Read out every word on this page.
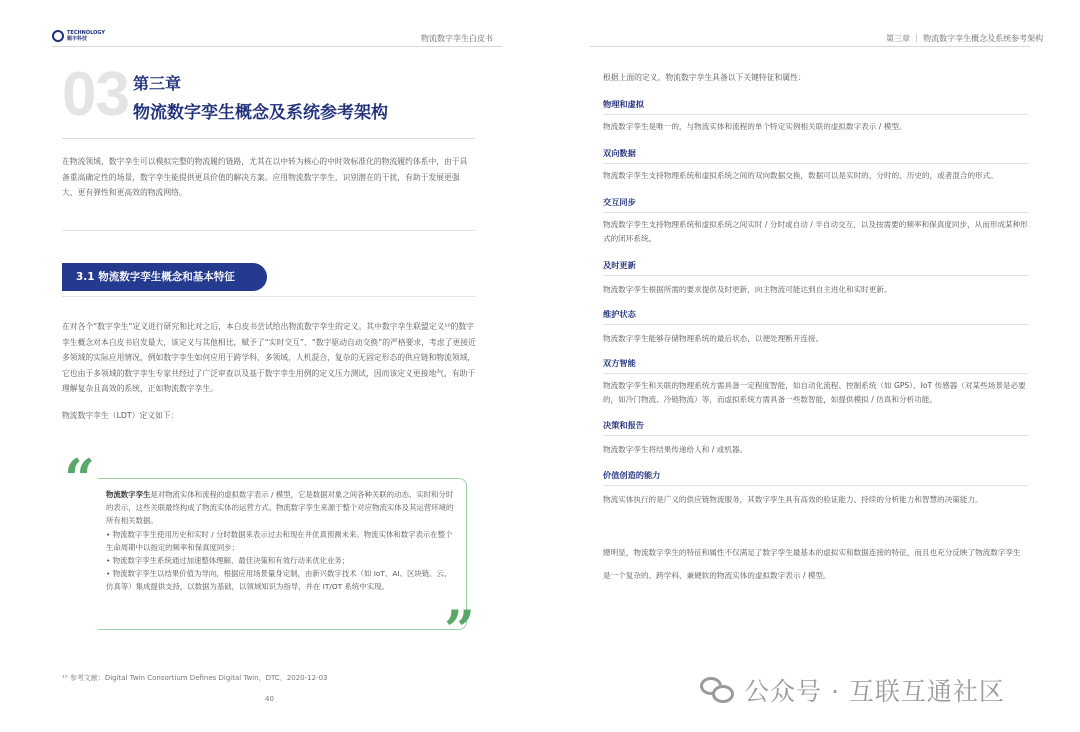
TECHNOLOGY
顺丰科技	物流数字孪生白皮书	第三章 ｜ 物流数字孪生概念及系统参考架构
03 第三章
物流数字孪生概念及系统参考架构
在物流领域，数字孪生可以模拟完整的物流履约链路，尤其在以中转为核心的中时效标准化的物流履约体系中，由于具备重高确定性的场景，数字孪生能提供更具价值的解决方案。应用物流数字孪生，识别潜在的干扰，有助于发展更强大、更有弹性和更高效的物流网络。
3.1 物流数字孪生概念和基本特征
在对各个“数字孪生”定义进行研究和比对之后，本白皮书尝试给出物流数字孪生的定义。其中数字孪生联盟定义¹⁰的数字孪生概念对本白皮书启发最大，该定义与其他相比，赋予了“实时交互”、“数字驱动自动交换”的严格要求，考虑了更接近多领域的实际应用情况，例如数字孪生如何应用于跨学科、多领域，人机混合，复杂的无固定形态的供应链和物流领域，它也由于多领域的数字孪生专家共经过了广泛审查以及基于数字孪生用例的定义压力测试，因而该定义更接地气，有助于理解复杂且高效的系统，正如物流数字孪生。
物流数字孪生（LDT）定义如下：
“ 物流数字孪生是对物流实体和流程的虚拟数字表示 / 模型，它是数据对象之间各种关联的动态、实时和分时的表示，这些关联最终构成了物流实体的运营方式。物流数字孪生来源于整个对应物流实体及其运营环境的所有相关数据。
• 物流数字孪生使用历史和实时 / 分时数据来表示过去和现在并优真预测未来。物流实体和数字表示在整个生命周期中以指定的频率和保真度同步；
• 物流数字孪生系统通过加速整体理解、最佳决策和有效行动来优化业务；
• 物流数字孪生以结果价值为导向，根据应用场景量身定制，由新兴数字技术（如 IoT、AI、区块链、云、仿真等）集成提供支持，以数据为基础，以领域知识为指导，并在 IT/OT 系统中实现。
”
¹⁰ 参考文献：Digital Twin Consortium Defines Digital Twin，DTC，2020-12-03
40
根据上面的定义，物流数字孪生具备以下关键特征和属性：
物理和虚拟
物流数字孪生是唯一的，与物流实体和流程的单个特定实例相关联的虚拟数字表示 / 模型。
双向数据
物流数字孪生支持物理系统和虚拟系统之间的双向数据交换，数据可以是实时的、分时的、历史的，或者混合的形式。
交互同步
物流数字孪生支持物理系统和虚拟系统之间实时 / 分时或自动 / 半自动交互，以及按需要的频率和保真度同步，从而形成某种形式的闭环系统。
及时更新
物流数字孪生根据所需的要求提供及时更新，向主物流可能达到自主进化和实时更新。
维护状态
物流数字孪生能够存储物理系统的最后状态，以便处理断开连接。
双方智能
物流数字孪生和关联的物理系统方需具备一定程度智能，如自动化流程、控制系统（如 GPS）、IoT 传感器（对某些场景是必要的，如冷门物流、冷链物流）等，而虚拟系统方需具备一些数智能，如提供模拟 / 仿真和分析功能。
决策和报告
物流数字孪生将结果传递给人和 / 或机器。
价值创造的能力
物流实体执行的是广义的供应链物流服务，其数字孪生具有高效的验证能力、持续的分析能力和智慧的决策能力。
總明显，物流数字孪生的特征和属性不仅满足了数字孪生最基本的虚拟实和数据连接的特征，而且也充分反映了物流数字孪生是一个复杂的、跨学科、兼硬软的物流实体的虚拟数字表示 / 模型。
公众号 · 互联互通社区
